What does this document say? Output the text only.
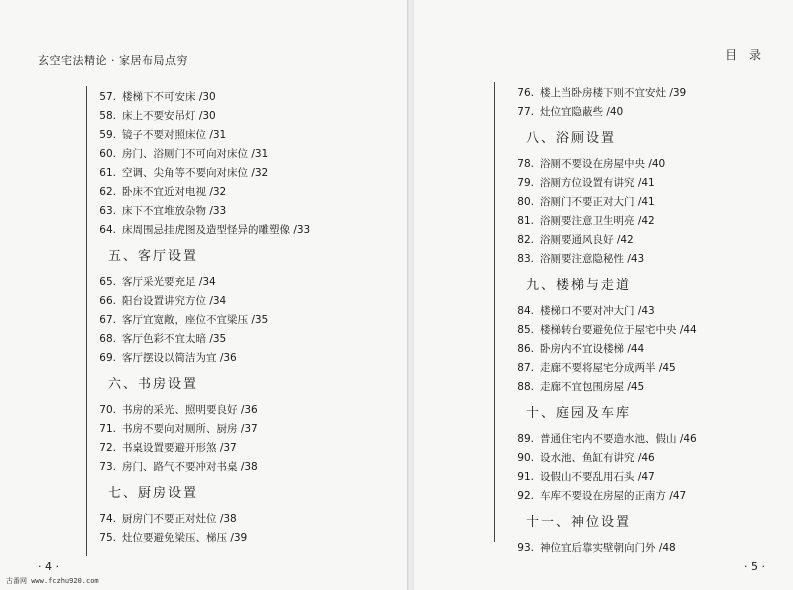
玄空宅法精论 · 家居布局点穷	目 录
57. 楼梯下不可安床 /30
58. 床上不要安吊灯 /30
59. 镜子不要对照床位 /31
60. 房门、浴厕门不可向对床位 /31
61. 空调、尖角等不要向对床位 /32
62. 卧床不宜近对电视 /32
63. 床下不宜堆放杂物 /33
64. 床周围忌挂虎图及造型怪异的雕塑像 /33
五、客厅设置
65. 客厅采光要充足 /34
66. 阳台设置讲究方位 /34
67. 客厅宜宽敞，座位不宜梁压 /35
68. 客厅色彩不宜太暗 /35
69. 客厅摆设以简洁为宜 /36
六、书房设置
70. 书房的采光、照明要良好 /36
71. 书房不要向对厕所、厨房 /37
72. 书桌设置要避开形煞 /37
73. 房门、路气不要冲对书桌 /38
七、厨房设置
74. 厨房门不要正对灶位 /38
75. 灶位要避免梁压、梯压 /39
76. 楼上当卧房楼下则不宜安灶 /39
77. 灶位宜隐蔽些 /40
八、浴厕设置
78. 浴厕不要设在房屋中央 /40
79. 浴厕方位设置有讲究 /41
80. 浴厕门不要正对大门 /41
81. 浴厕要注意卫生明亮 /42
82. 浴厕要通风良好 /42
83. 浴厕要注意隐秘性 /43
九、楼梯与走道
84. 楼梯口不要对冲大门 /43
85. 楼梯转台要避免位于屋宅中央 /44
86. 卧房内不宜设楼梯 /44
87. 走廊不要将屋宅分成两半 /45
88. 走廊不宜包围房屋 /45
十、庭园及车库
89. 普通住宅内不要造水池、假山 /46
90. 设水池、鱼缸有讲究 /46
91. 设假山不要乱用石头 /47
92. 车库不要设在房屋的正南方 /47
十一、神位设置
93. 神位宜后靠实壁朝向门外 /48
· 4 ·	· 5 ·
古番网 www.fczhu920.com
